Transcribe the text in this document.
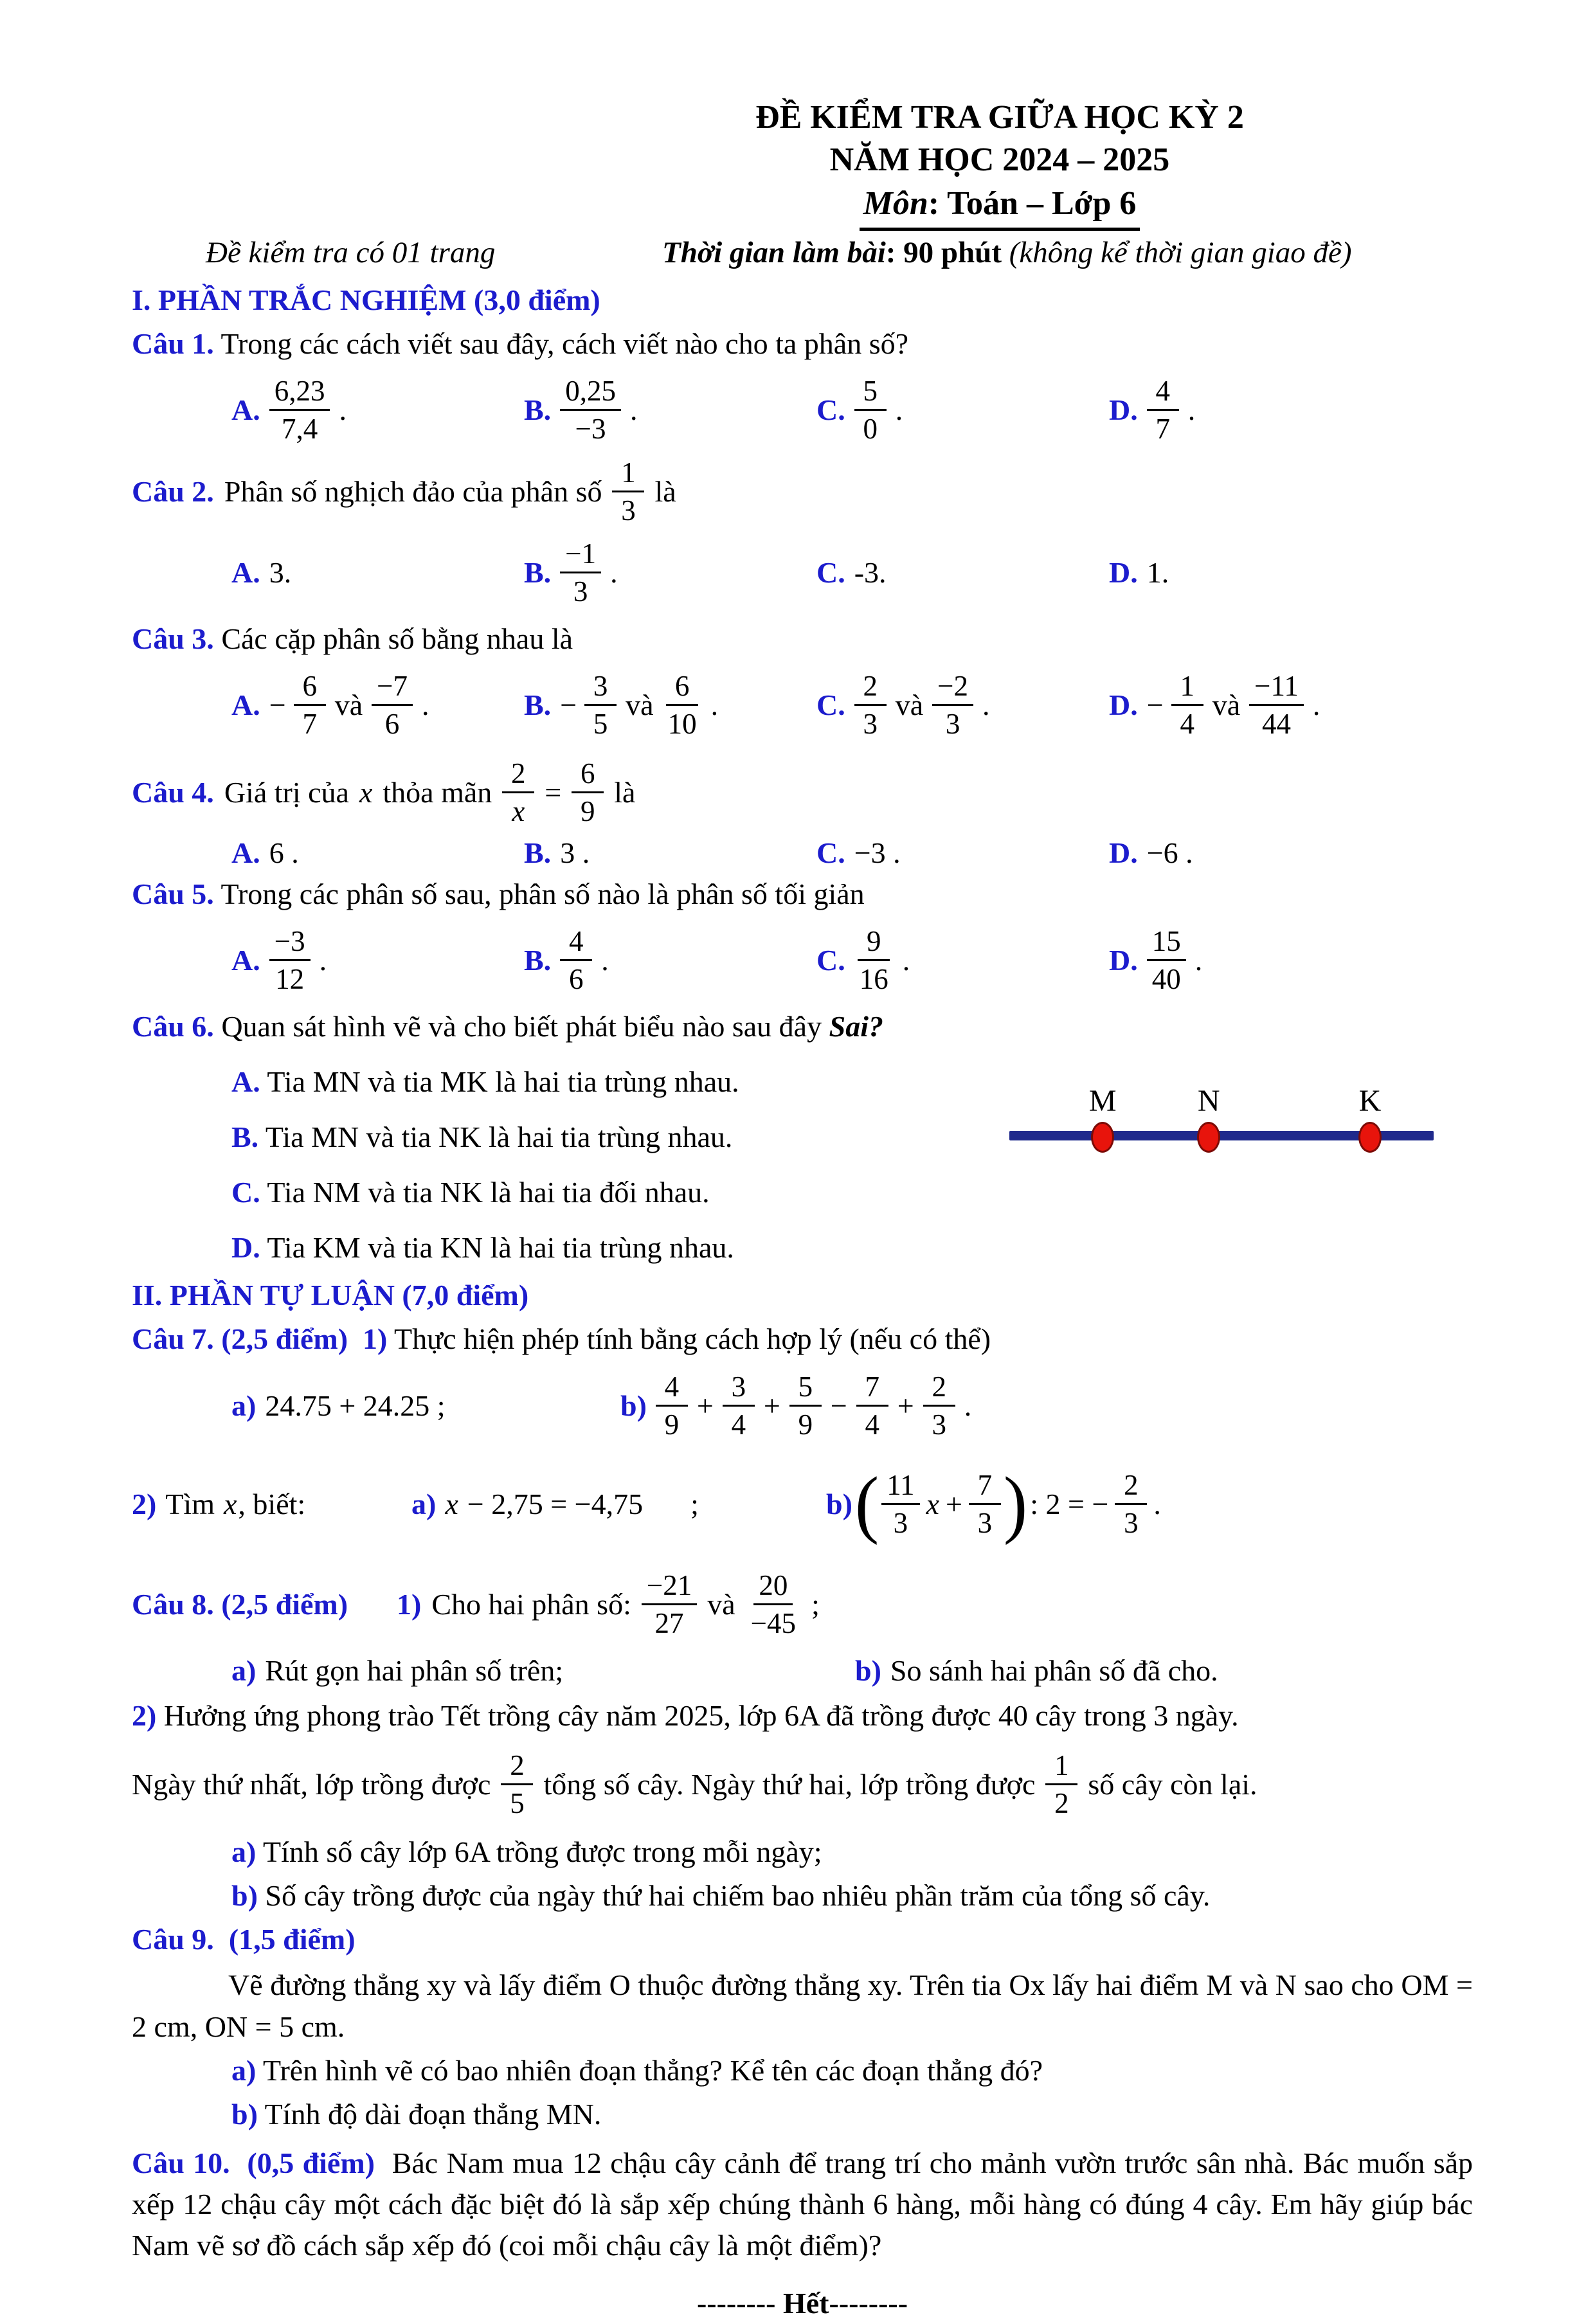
ĐỀ KIỂM TRA GIỮA HỌC KỲ 2
NĂM HỌC 2024 – 2025
Môn: Toán – Lớp 6
Đề kiểm tra có 01 trang	Thời gian làm bài: 90 phút (không kể thời gian giao đề)
I. PHẦN TRẮC NGHIỆM (3,0 điểm)
Câu 1. Trong các cách viết sau đây, cách viết nào cho ta phân số?
A. $\frac{6,23}{7,4}$ .	B. $\frac{0,25}{-3}$ .	C. $\frac{5}{0}$ .	D. $\frac{4}{7}$ .
Câu 2. Phân số nghịch đảo của phân số $\frac{1}{3}$ là
A. 3.	B. $\frac{-1}{3}$ .	C. -3.	D. 1.
Câu 3. Các cặp phân số bằng nhau là
A. − $\frac{6}{7}$ và $\frac{-7}{6}$ .	B. − $\frac{3}{5}$ và $\frac{6}{10}$ .	C. $\frac{2}{3}$ và $\frac{-2}{3}$ .	D. − $\frac{1}{4}$ và $\frac{-11}{44}$ .
Câu 4. Giá trị của x thỏa mãn $\frac{2}{x} = \frac{6}{9}$ là
A. 6 .	B. 3 .	C. −3 .	D. −6 .
Câu 5. Trong các phân số sau, phân số nào là phân số tối giản
A. $\frac{-3}{12}$ .	B. $\frac{4}{6}$ .	C. $\frac{9}{16}$ .	D. $\frac{15}{40}$ .
Câu 6. Quan sát hình vẽ và cho biết phát biểu nào sau đây Sai?
A. Tia MN và tia MK là hai tia trùng nhau.
B. Tia MN và tia NK là hai tia trùng nhau.
C. Tia NM và tia NK là hai tia đối nhau.
D. Tia KM và tia KN là hai tia trùng nhau.
M	N	K
II. PHẦN TỰ LUẬN (7,0 điểm)
Câu 7. (2,5 điểm) 1) Thực hiện phép tính bằng cách hợp lý (nếu có thể)
a) 24.75 + 24.25 ;	$b) \frac{4}{9} + \frac{3}{4} + \frac{5}{9} - \frac{7}{4} + \frac{2}{3}$ .
2) Tìm x , biết:	a) x − 2,75 = −4,75 ;	b) ( $\frac{11}{3}$ $x + \frac{7}{3}$ ) : 2 = − $\frac{2}{3}$ .
Câu 8. (2,5 điểm) 1) Cho hai phân số: $\frac{-21}{27}$ và $\frac{20}{-45}$ ;
a) Rút gọn hai phân số trên;	b) So sánh hai phân số đã cho.
2) Hưởng ứng phong trào Tết trồng cây năm 2025, lớp 6A đã trồng được 40 cây trong 3 ngày.
Ngày thứ nhất, lớp trồng được $\frac{2}{5}$ tổng số cây. Ngày thứ hai, lớp trồng được $\frac{1}{2}$ số cây còn lại.
a) Tính số cây lớp 6A trồng được trong mỗi ngày;
b) Số cây trồng được của ngày thứ hai chiếm bao nhiêu phần trăm của tổng số cây.
Câu 9. (1,5 điểm)
Vẽ đường thẳng xy và lấy điểm O thuộc đường thẳng xy. Trên tia Ox lấy hai điểm M và N sao cho OM = 2 cm, ON = 5 cm.
a) Trên hình vẽ có bao nhiên đoạn thẳng? Kể tên các đoạn thẳng đó?
b) Tính độ dài đoạn thẳng MN.
Câu 10. (0,5 điểm) Bác Nam mua 12 chậu cây cảnh để trang trí cho mảnh vườn trước sân nhà. Bác muốn sắp xếp 12 chậu cây một cách đặc biệt đó là sắp xếp chúng thành 6 hàng, mỗi hàng có đúng 4 cây. Em hãy giúp bác Nam vẽ sơ đồ cách sắp xếp đó (coi mỗi chậu cây là một điểm)?
-------- Hết--------
